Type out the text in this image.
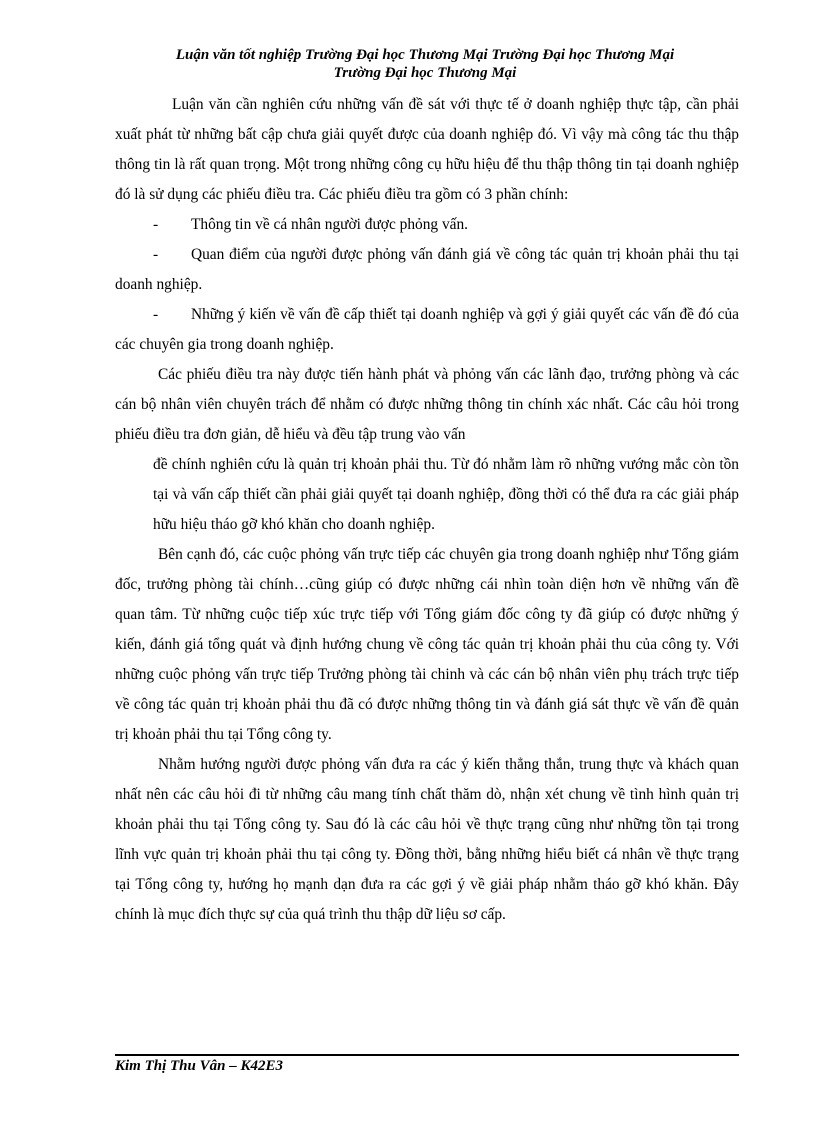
Luận văn tốt nghiệp Trường Đại học Thương Mại Trường Đại học Thương Mại
Trường Đại học Thương Mại

Luận văn cần nghiên cứu những vấn đề sát với thực tế ở doanh nghiệp thực tập, cần phải xuất phát từ những bất cập chưa giải quyết được của doanh nghiệp đó. Vì vậy mà công tác thu thập thông tin là rất quan trọng. Một trong những công cụ hữu hiệu để thu thập thông tin tại doanh nghiệp đó là sử dụng các phiếu điều tra. Các phiếu điều tra gồm có 3 phần chính:

-	Thông tin về cá nhân người được phỏng vấn.

-	Quan điểm của người được phỏng vấn đánh giá về công tác quản trị khoản phải thu tại doanh nghiệp.

-	Những ý kiến về vấn đề cấp thiết tại doanh nghiệp và gợi ý giải quyết các vấn đề đó của các chuyên gia trong doanh nghiệp.

Các phiếu điều tra này được tiến hành phát và phỏng vấn các lãnh đạo, trưởng phòng và các cán bộ nhân viên chuyên trách để nhằm có được những thông tin chính xác nhất. Các câu hỏi trong phiếu điều tra đơn giản, dễ hiểu và đều tập trung vào vấn

đề chính nghiên cứu là quản trị khoản phải thu. Từ đó nhằm làm rõ những vướng mắc còn tồn tại và vấn cấp thiết cần phải giải quyết tại doanh nghiệp, đồng thời có thể đưa ra các giải pháp hữu hiệu tháo gỡ khó khăn cho doanh nghiệp.

Bên cạnh đó, các cuộc phỏng vấn trực tiếp các chuyên gia trong doanh nghiệp như Tổng giám đốc, trưởng phòng tài chính…cũng giúp có được những cái nhìn toàn diện hơn về những vấn đề quan tâm. Từ những cuộc tiếp xúc trực tiếp với Tổng giám đốc công ty đã giúp có được những ý kiến, đánh giá tổng quát và định hướng chung về công tác quản trị khoản phải thu của công ty. Với những cuộc phỏng vấn trực tiếp Trưởng phòng tài chinh và các cán bộ nhân viên phụ trách trực tiếp về công tác quản trị khoản phải thu đã có được những thông tin và đánh giá sát thực về vấn đề quản trị khoản phải thu tại Tổng công ty.

Nhằm hướng người được phỏng vấn đưa ra các ý kiến thẳng thắn, trung thực và khách quan nhất nên các câu hỏi đi từ những câu mang tính chất thăm dò, nhận xét chung về tình hình quản trị khoản phải thu tại Tổng công ty. Sau đó là các câu hỏi về thực trạng cũng như những tồn tại trong lĩnh vực quản trị khoản phải thu tại công ty. Đồng thời, bằng những hiểu biết cá nhân về thực trạng tại Tổng công ty, hướng họ mạnh dạn đưa ra các gợi ý về giải pháp nhằm tháo gỡ khó khăn. Đây chính là mục đích thực sự của quá trình thu thập dữ liệu sơ cấp.

Kim Thị Thu Vân – K42E3
